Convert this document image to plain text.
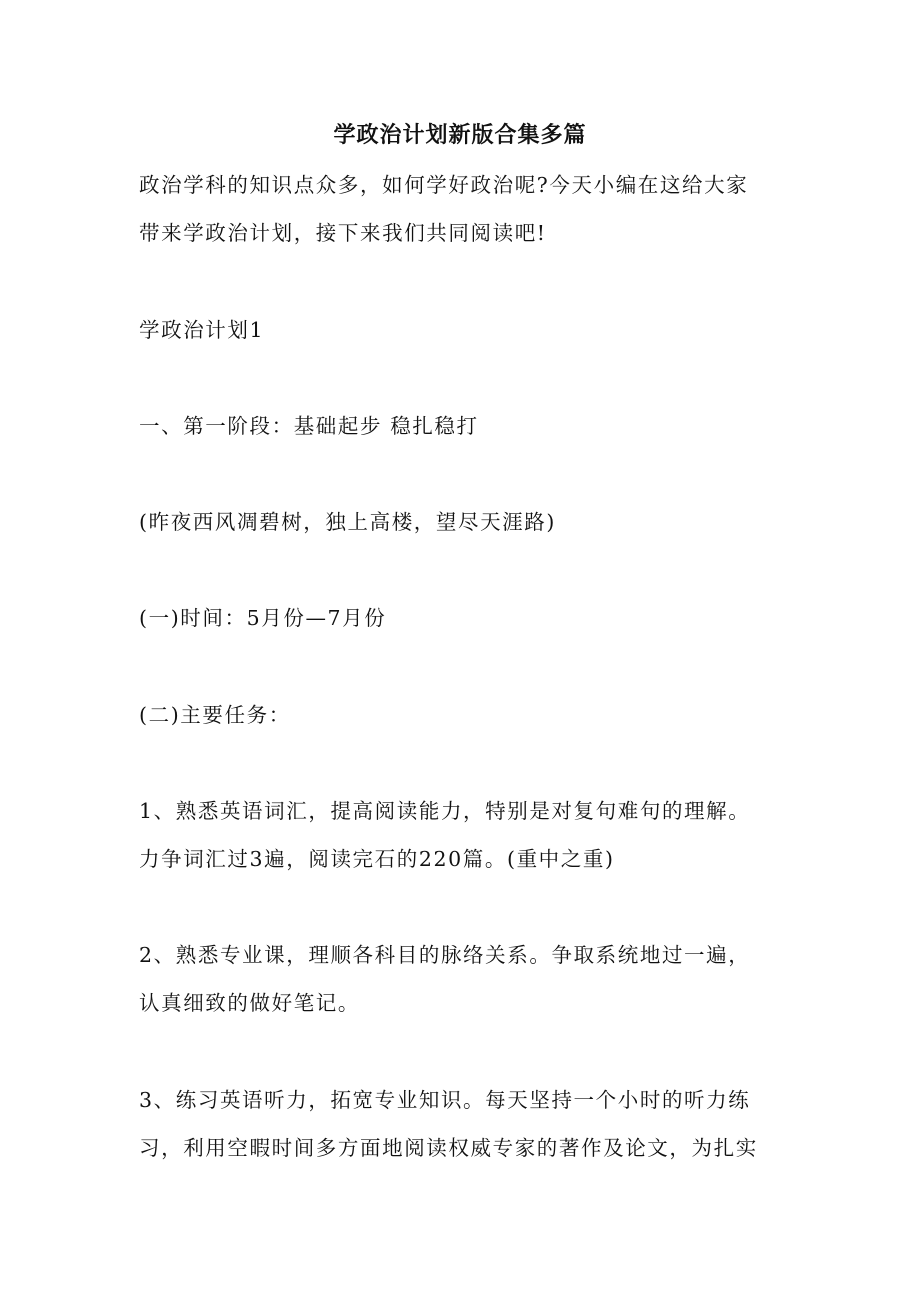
学政治计划新版合集多篇
政治学科的知识点众多，如何学好政治呢?今天小编在这给大家
带来学政治计划，接下来我们共同阅读吧!
学政治计划1
一、第一阶段：基础起步 稳扎稳打
(昨夜西风凋碧树，独上高楼，望尽天涯路)
(一)时间：5月份—7月份
(二)主要任务：
1、熟悉英语词汇，提高阅读能力，特别是对复句难句的理解。
力争词汇过3遍，阅读完石的220篇。(重中之重)
2、熟悉专业课，理顺各科目的脉络关系。争取系统地过一遍，
认真细致的做好笔记。
3、练习英语听力，拓宽专业知识。每天坚持一个小时的听力练
习，利用空暇时间多方面地阅读权威专家的著作及论文，为扎实
